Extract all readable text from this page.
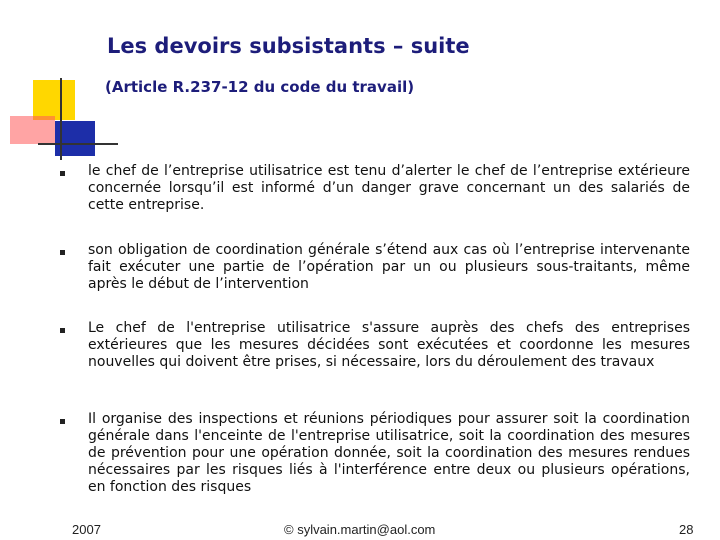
Les devoirs subsistants – suite
(Article R.237-12 du code du travail)
le chef de l’entreprise utilisatrice est tenu d’alerter le chef de l’entreprise extérieure concernée lorsqu’il est informé d’un danger grave concernant un des salariés de cette entreprise.
son obligation de coordination générale s’étend aux cas où l’entreprise intervenante fait exécuter une partie de l’opération par un ou plusieurs sous-traitants, même après le début de l’intervention
Le chef de l'entreprise utilisatrice s'assure auprès des chefs des entreprises extérieures que les mesures décidées sont exécutées et coordonne les mesures nouvelles qui doivent être prises, si nécessaire, lors du déroulement des travaux
Il organise des inspections et réunions périodiques pour assurer soit la coordination générale dans l'enceinte de l'entreprise utilisatrice, soit la coordination des mesures de prévention pour une opération donnée, soit la coordination des mesures rendues nécessaires par les risques liés à l'interférence entre deux ou plusieurs opérations, en fonction des risques
2007	© sylvain.martin@aol.com	28
